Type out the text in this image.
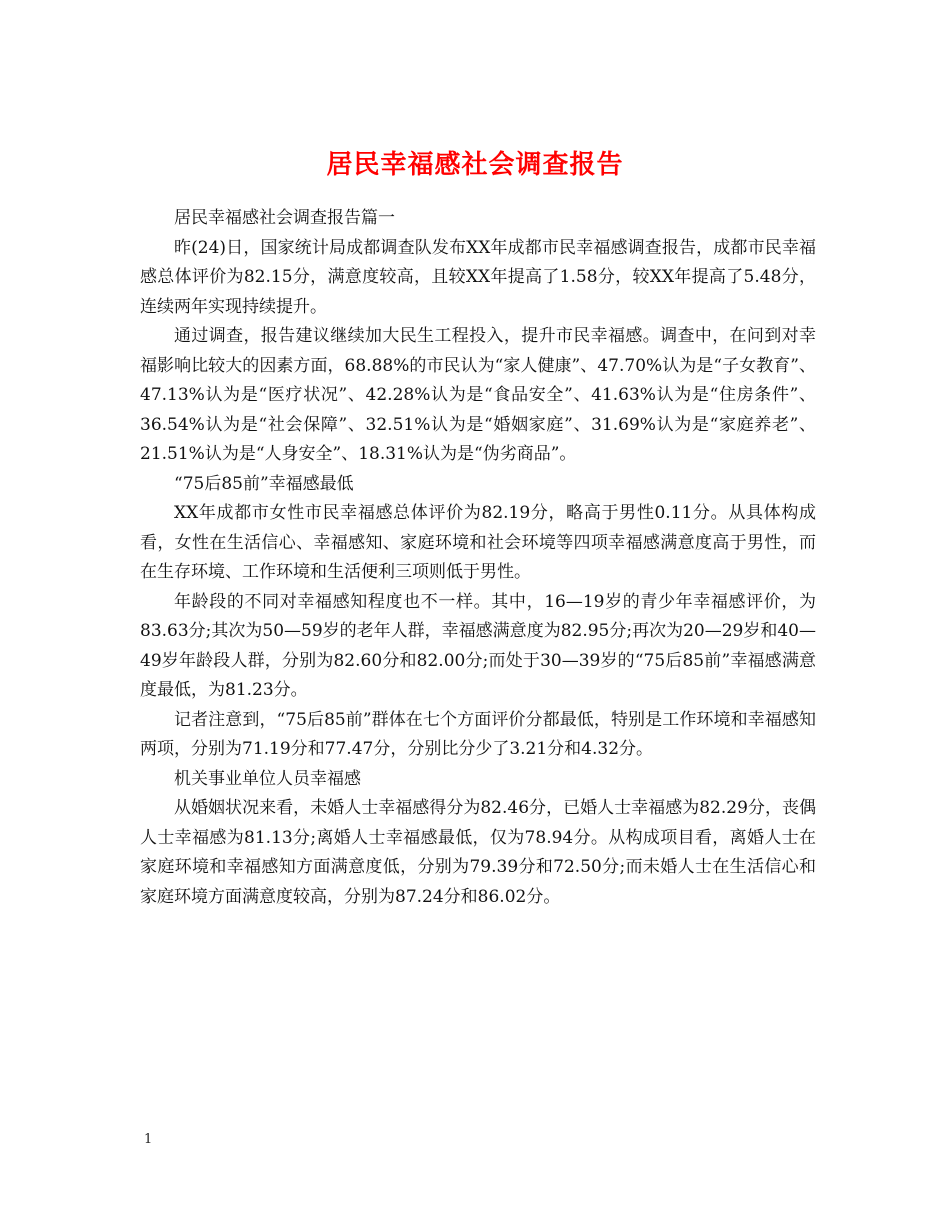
居民幸福感社会调查报告

居民幸福感社会调查报告篇一

昨(24)日，国家统计局成都调查队发布XX年成都市民幸福感调查报告，成都市民幸福感总体评价为82.15分，满意度较高，且较XX年提高了1.58分，较XX年提高了5.48分，连续两年实现持续提升。

通过调查，报告建议继续加大民生工程投入，提升市民幸福感。调查中，在问到对幸福影响比较大的因素方面，68.88%的市民认为“家人健康”、47.70%认为是“子女教育”、47.13%认为是“医疗状况”、42.28%认为是“食品安全”、41.63%认为是“住房条件”、36.54%认为是“社会保障”、32.51%认为是“婚姻家庭”、31.69%认为是“家庭养老”、21.51%认为是“人身安全”、18.31%认为是“伪劣商品”。

“75后85前”幸福感最低

XX年成都市女性市民幸福感总体评价为82.19分，略高于男性0.11分。从具体构成看，女性在生活信心、幸福感知、家庭环境和社会环境等四项幸福感满意度高于男性，而在生存环境、工作环境和生活便利三项则低于男性。

年龄段的不同对幸福感知程度也不一样。其中，16—19岁的青少年幸福感评价，为83.63分;其次为50—59岁的老年人群，幸福感满意度为82.95分;再次为20—29岁和40—49岁年龄段人群，分别为82.60分和82.00分;而处于30—39岁的“75后85前”幸福感满意度最低，为81.23分。

记者注意到，“75后85前”群体在七个方面评价分都最低，特别是工作环境和幸福感知两项，分别为71.19分和77.47分，分别比分少了3.21分和4.32分。

机关事业单位人员幸福感

从婚姻状况来看，未婚人士幸福感得分为82.46分，已婚人士幸福感为82.29分，丧偶人士幸福感为81.13分;离婚人士幸福感最低，仅为78.94分。从构成项目看，离婚人士在家庭环境和幸福感知方面满意度低，分别为79.39分和72.50分;而未婚人士在生活信心和家庭环境方面满意度较高，分别为87.24分和86.02分。

1
